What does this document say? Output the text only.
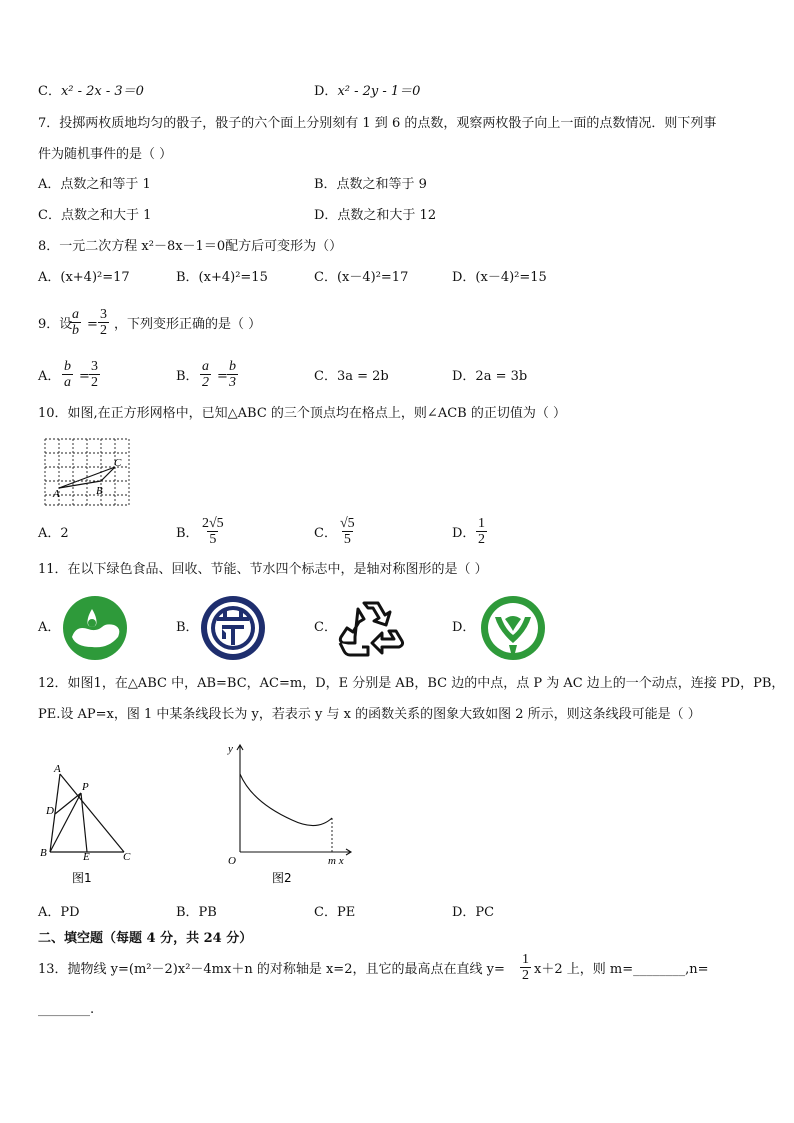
C．x² - 2x - 3＝0	D．x² - 2y - 1＝0
7．投掷两枚质地均匀的骰子，骰子的六个面上分别刻有 1 到 6 的点数，观察两枚骰子向上一面的点数情况．则下列事
件为随机事件的是（ ）
A．点数之和等于 1	B．点数之和等于 9
C．点数之和大于 1	D．点数之和大于 12
8．一元二次方程 x²－8x－1＝0配方后可变形为（）
A．(x+4)²=17	B．(x+4)²=15	C．(x－4)²=17	D．(x－4)²=15
9．设
$\frac{a}{b} = \frac{3}{2}$ ，下列变形正确的是（ ）
A． $\frac{b}{a} = \frac{3}{2}$	B． $\frac{a}{2} = \frac{b}{3}$	C．3a = 2b	D．2a = 3b
10．如图,在正方形网格中，已知△ABC 的三个顶点均在格点上，则∠ACB 的正切值为（ ）
A	B
C
A．2	B． $\frac{2√5}{5}$	C． $\frac{√5}{5}$	D． $\frac{1}{2}$
11．在以下绿色食品、回收、节能、节水四个标志中，是轴对称图形的是（ ）
A．	B．	C．	D．
12．如图1，在△ABC 中，AB=BC，AC=m，D，E 分别是 AB，BC 边的中点，点 P 为 AC 边上的一个动点，连接 PD，PB，
PE.设 AP=x，图 1 中某条线段长为 y，若表示 y 与 x 的函数关系的图象大致如图 2 所示，则这条线段可能是（ ）
A
P
D
B	E	C
图1
y
O	m x
图2
A．PD	B．PB	C．PE	D．PC
二、填空题（每题 4 分，共 24 分）
13．抛物线 y=(m²－2)x²－4mx＋n 的对称轴是 x=2，且它的最高点在直线 $y= \frac{1}{2} x+2$ 上，则 m=________,n=
________.
